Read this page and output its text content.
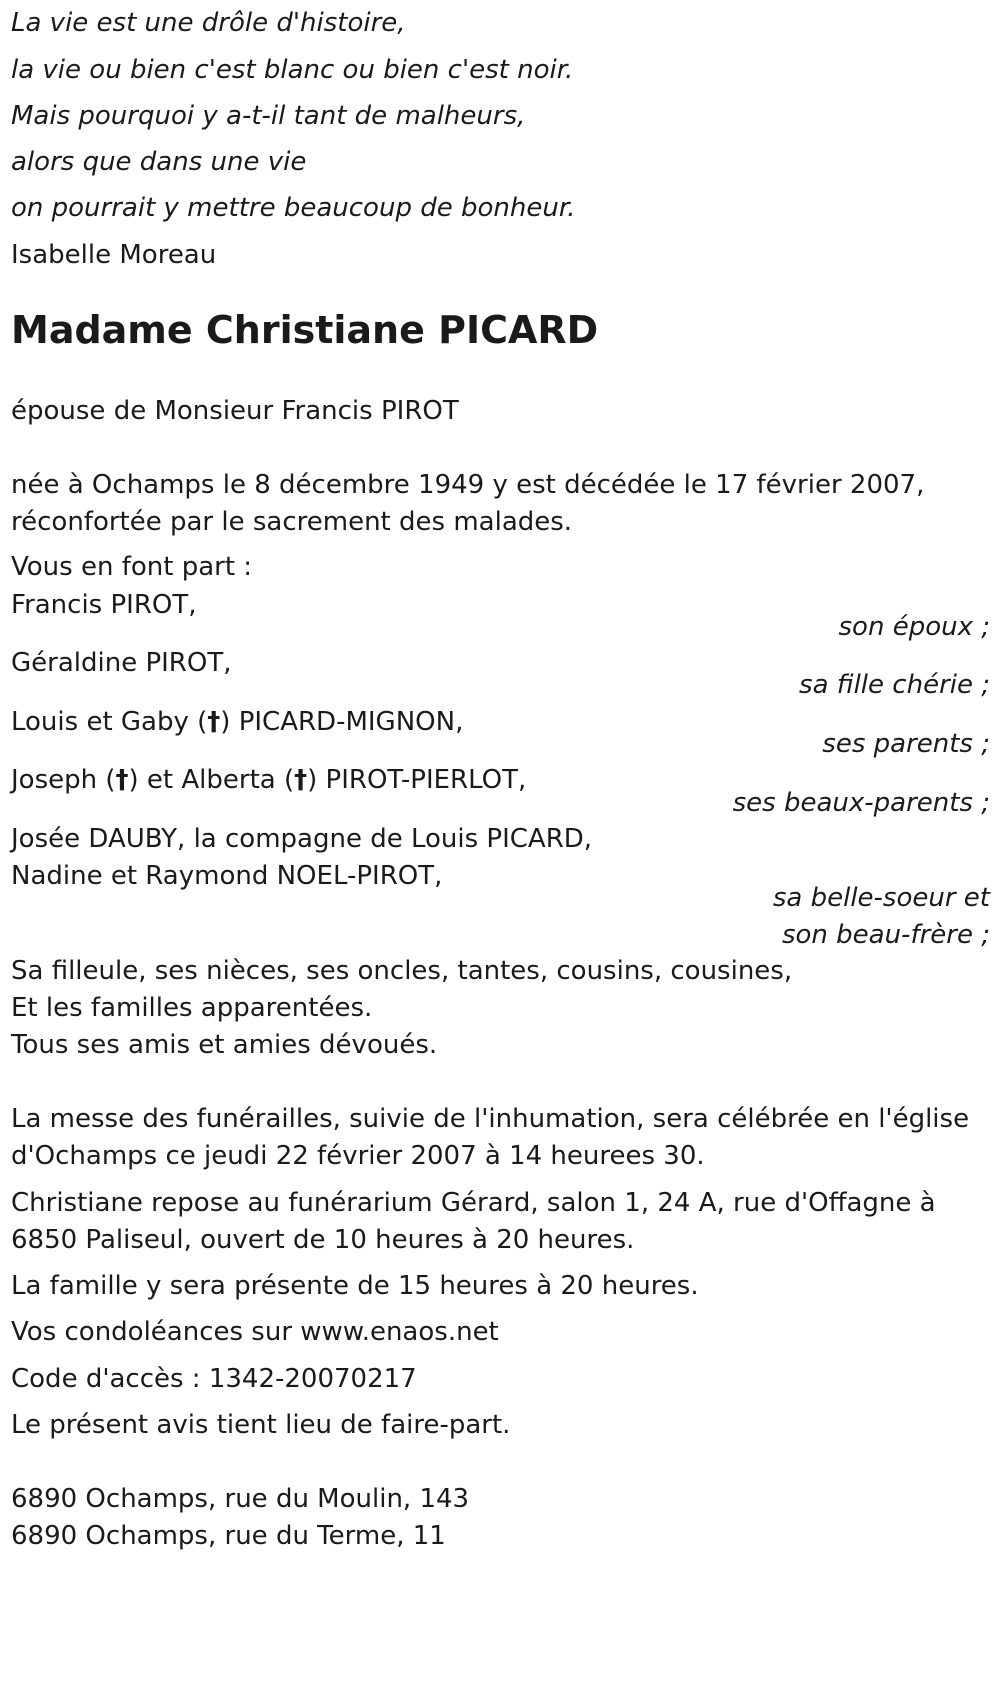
La vie est une drôle d'histoire,
la vie ou bien c'est blanc ou bien c'est noir.
Mais pourquoi y a-t-il tant de malheurs,
alors que dans une vie
on pourrait y mettre beaucoup de bonheur.
Isabelle Moreau
Madame Christiane PICARD
épouse de Monsieur Francis PIROT
née à Ochamps le 8 décembre 1949 y est décédée le 17 février 2007,
réconfortée par le sacrement des malades.
Vous en font part :
Francis PIROT,
son époux ;
Géraldine PIROT,
sa fille chérie ;
Louis et Gaby (†) PICARD-MIGNON,
ses parents ;
Joseph (†) et Alberta (†) PIROT-PIERLOT,
ses beaux-parents ;
Josée DAUBY, la compagne de Louis PICARD,
Nadine et Raymond NOEL-PIROT,
sa belle-soeur et
son beau-frère ;
Sa filleule, ses nièces, ses oncles, tantes, cousins, cousines,
Et les familles apparentées.
Tous ses amis et amies dévoués.
La messe des funérailles, suivie de l'inhumation, sera célébrée en l'église
d'Ochamps ce jeudi 22 février 2007 à 14 heurees 30.
Christiane repose au funérarium Gérard, salon 1, 24 A, rue d'Offagne à
6850 Paliseul, ouvert de 10 heures à 20 heures.
La famille y sera présente de 15 heures à 20 heures.
Vos condoléances sur www.enaos.net
Code d'accès : 1342-20070217
Le présent avis tient lieu de faire-part.
6890 Ochamps, rue du Moulin, 143
6890 Ochamps, rue du Terme, 11
